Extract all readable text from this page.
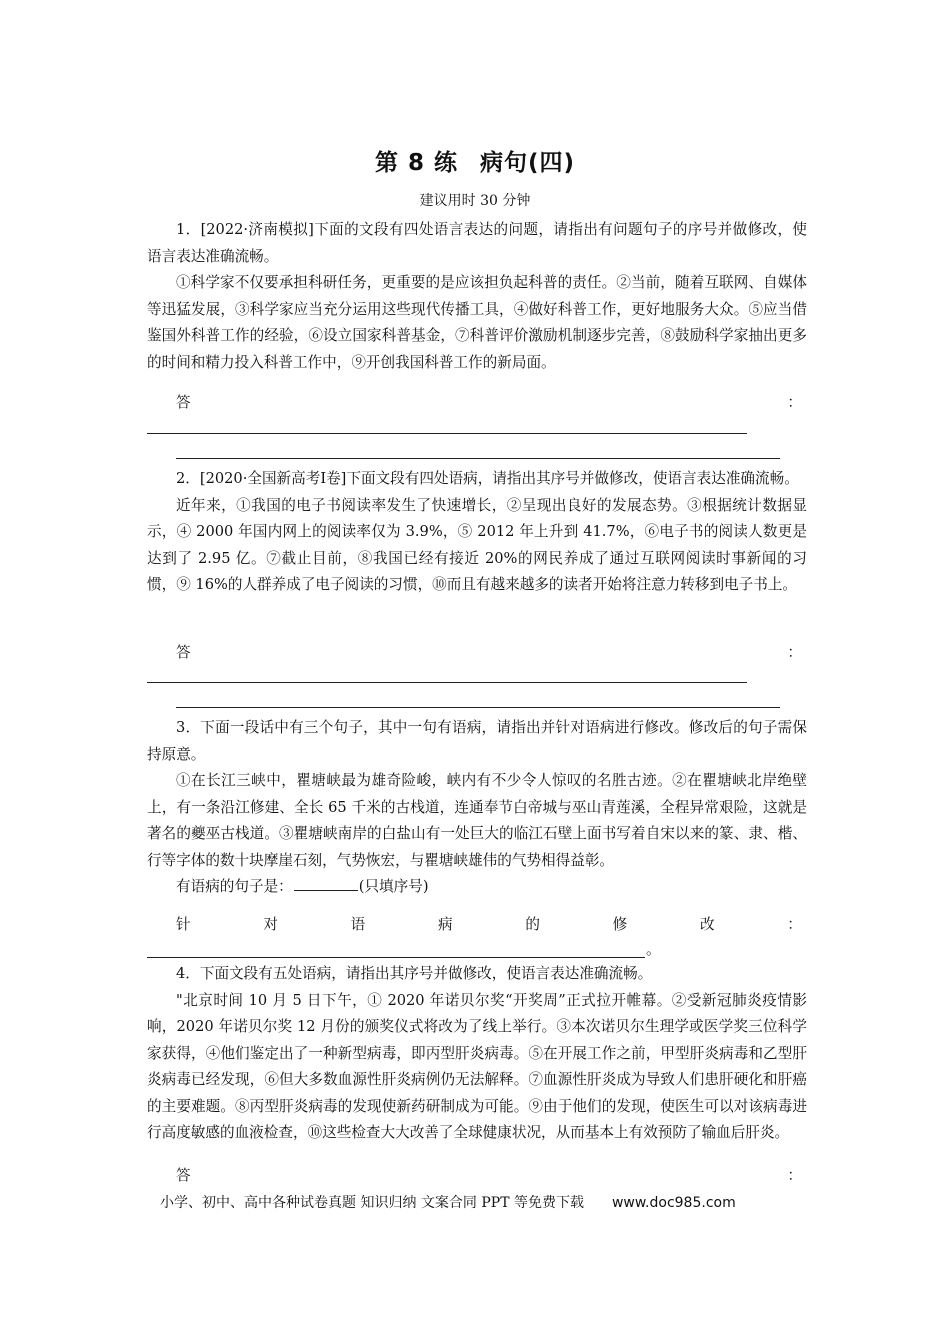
第 8 练 病句(四)
建议用时 30 分钟

1．[2022·济南模拟]下面的文段有四处语言表达的问题，请指出有问题句子的序号并做修改，使语言表达准确流畅。

①科学家不仅要承担科研任务，更重要的是应该担负起科普的责任。②当前，随着互联网、自媒体等迅猛发展，③科学家应当充分运用这些现代传播工具，④做好科普工作，更好地服务大众。⑤应当借鉴国外科普工作的经验，⑥设立国家科普基金，⑦科普评价激励机制逐步完善，⑧鼓励科学家抽出更多的时间和精力投入科普工作中，⑨开创我国科普工作的新局面。

答	：

2．[2020·全国新高考Ⅰ卷]下面文段有四处语病，请指出其序号并做修改，使语言表达准确流畅。

近年来，①我国的电子书阅读率发生了快速增长，②呈现出良好的发展态势。③根据统计数据显示，④ 2000 年国内网上的阅读率仅为 3.9%，⑤ 2012 年上升到 41.7%，⑥电子书的阅读人数更是达到了 2.95 亿。⑦截止目前，⑧我国已经有接近 20%的网民养成了通过互联网阅读时事新闻的习惯，⑨ 16%的人群养成了电子阅读的习惯，⑩而且有越来越多的读者开始将注意力转移到电子书上。

答	：

3．下面一段话中有三个句子，其中一句有语病，请指出并针对语病进行修改。修改后的句子需保持原意。

①在长江三峡中，瞿塘峡最为雄奇险峻，峡内有不少令人惊叹的名胜古迹。②在瞿塘峡北岸绝壁上，有一条沿江修建、全长 65 千米的古栈道，连通奉节白帝城与巫山青莲溪，全程异常艰险，这就是著名的夔巫古栈道。③瞿塘峡南岸的白盐山有一处巨大的临江石壁上面书写着自宋以来的篆、隶、楷、行等字体的数十块摩崖石刻，气势恢宏，与瞿塘峡雄伟的气势相得益彰。

有语病的句子是：	(只填序号)

针	对	语	病	的	修	改	：
。

4．下面文段有五处语病，请指出其序号并做修改，使语言表达准确流畅。

"北京时间 10 月 5 日下午，① 2020 年诺贝尔奖“开奖周”正式拉开帷幕。②受新冠肺炎疫情影响，2020 年诺贝尔奖 12 月份的颁奖仪式将改为了线上举行。③本次诺贝尔生理学或医学奖三位科学家获得，④他们鉴定出了一种新型病毒，即丙型肝炎病毒。⑤在开展工作之前，甲型肝炎病毒和乙型肝炎病毒已经发现，⑥但大多数血源性肝炎病例仍无法解释。⑦血源性肝炎成为导致人们患肝硬化和肝癌的主要难题。⑧丙型肝炎病毒的发现使新药研制成为可能。⑨由于他们的发现，使医生可以对该病毒进行高度敏感的血液检查，⑩这些检查大大改善了全球健康状况，从而基本上有效预防了输血后肝炎。

答	：
小学、初中、高中各种试卷真题 知识归纳 文案合同 PPT 等免费下载 www.doc985.com
